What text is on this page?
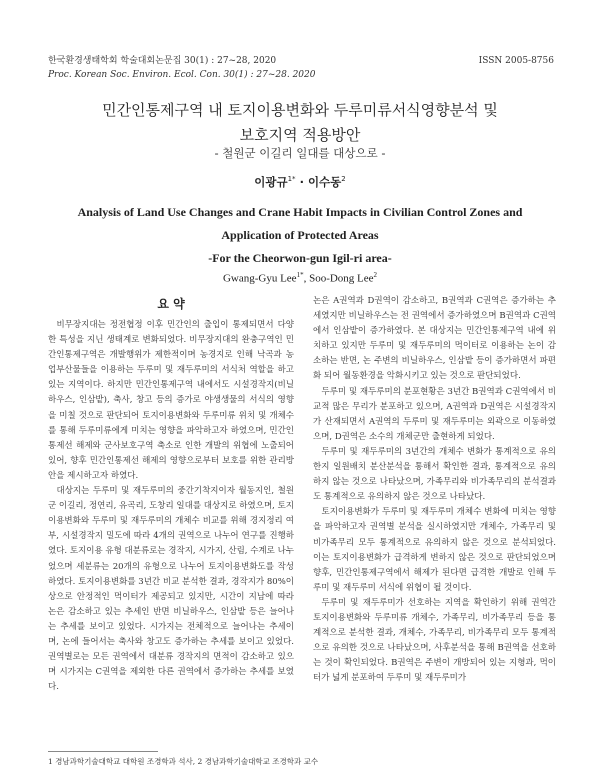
한국환경생태학회 학술대회논문집 30(1) : 27~28, 2020	ISSN 2005-8756
Proc. Korean Soc. Environ. Ecol. Con. 30(1) : 27~28. 2020
민간인통제구역 내 토지이용변화와 두루미류서식영향분석 및
보호지역 적용방안
- 철원군 이길리 일대를 대상으로 -
이광규$^{1*}$ · 이수동$^2$
Analysis of Land Use Changes and Crane Habit Impacts in Civilian Control Zones and
Application of Protected Areas
-For the Cheorwon-gun Igil-ri area-
Gwang-Gyu Lee$^{1*}$, Soo-Dong Lee$^2$
요 약

비무장지대는 정전협정 이후 민간인의 출입이 통제되면서 다양한 특성을 지닌 생태계로 변화되었다. 비무장지대의 완충구역인 민간인통제구역은 개발행위가 제한적이며 농경지로 인해 낙곡과 농업부산물들을 이용하는 두루미 및 재두루미의 서식처 역할을 하고 있는 지역이다. 하지만 민간인통제구역 내에서도 시설경작지(비닐하우스, 인삼밭), 축사, 창고 등의 증가로 야생생물의 서식의 영향을 미칠 것으로 판단되어 토지이용변화와 두루미류 위치 및 개체수를 통해 두루미류에게 미치는 영향을 파악하고자 하였으며, 민간인통제선 해제와 군사보호구역 축소로 인한 개발의 위협에 노출되어 있어, 향후 민간인통제선 해제의 영향으로부터 보호를 위한 관리방안을 제시하고자 하였다.

대상지는 두루미 및 재두루미의 중간기착지이자 월동지인, 철원군 이길리, 정연리, 유곡리, 도창리 일대를 대상지로 하였으며, 토지이용변화와 두루미 및 재두루미의 개체수 비교를 위해 경지정리 여부, 시설경작지 밀도에 따라 4개의 권역으로 나누어 연구를 진행하였다. 토지이용 유형 대분류로는 경작지, 시가지, 산림, 수계로 나누었으며 세분류는 20개의 유형으로 나누어 토지이용변화도를 작성하였다. 토지이용변화를 3년간 비교 분석한 결과, 경작지가 80%이상으로 안정적인 먹이터가 제공되고 있지만, 시간이 지남에 따라 논은 감소하고 있는 추세인 반면 비닐하우스, 인삼밭 등은 늘어나는 추세를 보이고 있었다. 시가지는 전체적으로 늘어나는 추세이며, 논에 들어서는 축사와 창고도 증가하는 추세를 보이고 있었다. 권역별로는 모든 권역에서 대분류 경작지의 면적이 감소하고 있으며 시가지는 C권역을 제외한 다른 권역에서 증가하는 추세를 보였다.

논은 A권역과 D권역이 감소하고, B권역과 C권역은 증가하는 추세였지만 비닐하우스는 전 권역에서 증가하였으며 B권역과 C권역에서 인삼밭이 증가하였다. 본 대상지는 민간인통제구역 내에 위치하고 있지만 두루미 및 재두루미의 먹이터로 이용하는 논이 감소하는 반면, 논 주변의 비닐하우스, 인삼밭 등이 증가하면서 파편화 되어 월동환경을 악화시키고 있는 것으로 판단되었다.

두루미 및 재두루미의 분포현황은 3년간 B권역과 C권역에서 비교적 많은 무리가 분포하고 있으며, A권역과 D권역은 시설경작지가 산재되면서 A권역의 두루미 및 재두루미는 외곽으로 이동하였으며, D권역은 소수의 개체군만 출현하게 되었다.

두루미 및 재두루미의 3년간의 개체수 변화가 통계적으로 유의한지 일원배치 분산분석을 통해서 확인한 결과, 통계적으로 유의하지 않는 것으로 나타났으며, 가족무리와 비가족무리의 분석결과도 통계적으로 유의하지 않은 것으로 나타났다.

토지이용변화가 두루미 및 재두루미 개체수 변화에 미치는 영향을 파악하고자 권역별 분석을 실시하였지만 개체수, 가족무리 및 비가족무리 모두 통계적으로 유의하지 않은 것으로 분석되었다. 이는 토지이용변화가 급격하게 변하지 않은 것으로 판단되었으며 향후, 민간인통제구역에서 해제가 된다면 급격한 개발로 인해 두루미 및 재두루미 서식에 위협이 될 것이다.

두루미 및 재두루미가 선호하는 지역을 확인하기 위해 권역간 토지이용변화와 두루미류 개체수, 가족무리, 비가족무리 등을 통계적으로 분석한 결과, 개체수, 가족무리, 비가족무리 모두 통계적으로 유의한 것으로 나타났으며, 사후분석을 통해 B권역을 선호하는 것이 확인되었다. B권역은 주변이 개방되어 있는 지형과, 먹이터가 넓게 분포하여 두루미 및 재두루미가

1 경남과학기술대학교 대학원 조경학과 석사, 2 경남과학기술대학교 조경학과 교수
